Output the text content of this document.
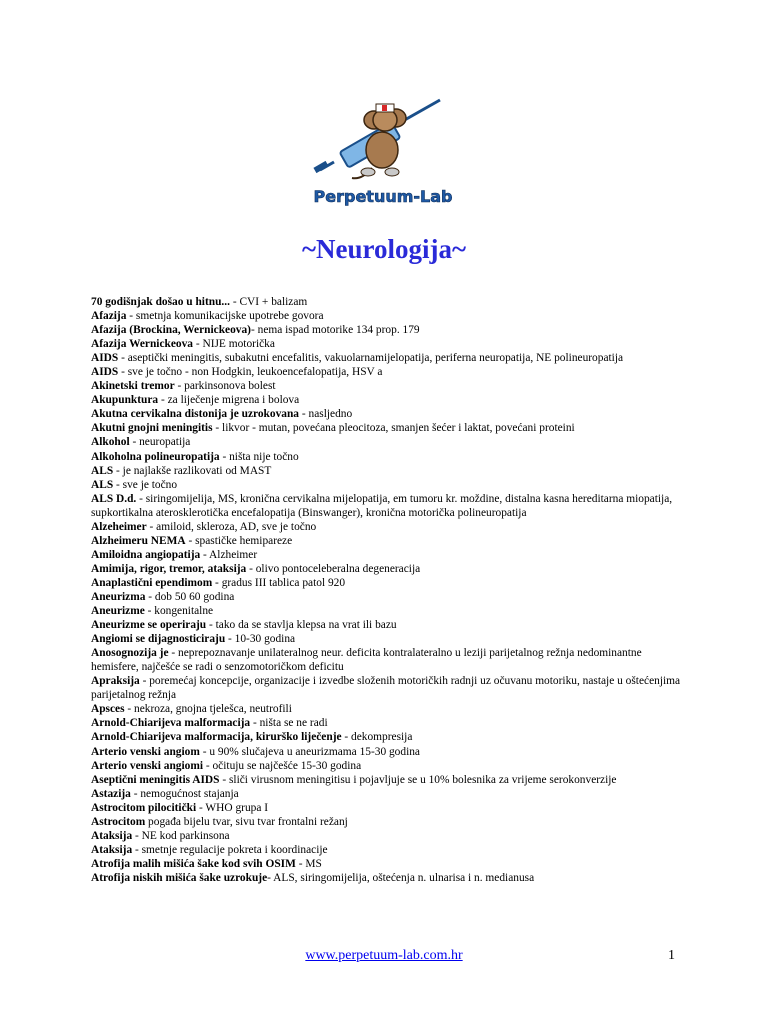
Perpetuum-Lab
~Neurologija~

70 godišnjak došao u hitnu... - CVI + balizam

Afazija - smetnja komunikacijske upotrebe govora

Afazija (Brockina, Wernickeova)- nema ispad motorike 134 prop. 179

Afazija Wernickeova - NIJE motorička

AIDS - aseptički meningitis, subakutni encefalitis, vakuolarnamijelopatija, periferna neuropatija, NE polineuropatija

AIDS - sve je točno - non Hodgkin, leukoencefalopatija, HSV a

Akinetski tremor - parkinsonova bolest

Akupunktura - za liječenje migrena i bolova

Akutna cervikalna distonija je uzrokovana - nasljedno

Akutni gnojni meningitis - likvor - mutan, povećana pleocitoza, smanjen šećer i laktat, povećani proteini

Alkohol - neuropatija

Alkoholna polineuropatija - ništa nije točno

ALS - je najlakše razlikovati od MAST

ALS - sve je točno

ALS D.d. - siringomijelija, MS, kronična cervikalna mijelopatija, em tumoru kr. moždine, distalna kasna hereditarna miopatija, supkortikalna aterosklerotička encefalopatija (Binswanger), kronična motorička polineuropatija

Alzeheimer - amiloid, skleroza, AD, sve je točno

Alzheimeru NEMA - spastičke hemipareze

Amiloidna angiopatija - Alzheimer

Amimija, rigor, tremor, ataksija - olivo pontoceleberalna degeneracija

Anaplastični ependimom - gradus III tablica patol 920

Aneurizma - dob 50 60 godina

Aneurizme - kongenitalne

Aneurizme se operiraju - tako da se stavlja klepsa na vrat ili bazu

Angiomi se dijagnosticiraju - 10-30 godina

Anosognozija je - neprepoznavanje unilateralnog neur. deficita kontralateralno u leziji parijetalnog režnja nedominantne hemisfere, najčešće se radi o senzomotoričkom deficitu

Apraksija - poremećaj koncepcije, organizacije i izvedbe složenih motoričkih radnji uz očuvanu motoriku, nastaje u oštećenjima parijetalnog režnja

Apsces - nekroza, gnojna tjelešca, neutrofili

Arnold-Chiarijeva malformacija - ništa se ne radi

Arnold-Chiarijeva malformacija, kirurško liječenje - dekompresija

Arterio venski angiom - u 90% slučajeva u aneurizmama 15-30 godina

Arterio venski angiomi - očituju se najčešće 15-30 godina

Aseptični meningitis AIDS - sliči virusnom meningitisu i pojavljuje se u 10% bolesnika za vrijeme serokonverzije

Astazija - nemogućnost stajanja

Astrocitom pilocitički - WHO grupa I

Astrocitom pogađa bijelu tvar, sivu tvar frontalni režanj

Ataksija - NE kod parkinsona

Ataksija - smetnje regulacije pokreta i koordinacije

Atrofija malih mišića šake kod svih OSIM - MS

Atrofija niskih mišića šake uzrokuje- ALS, siringomijelija, oštećenja n. ulnarisa i n. medianusa

www.perpetuum-lab.com.hr	1
